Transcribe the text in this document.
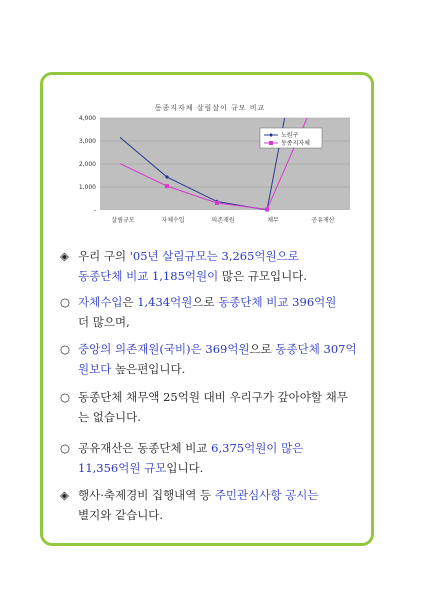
동종지자체 살림살이 규모 비교
-
1,000
2,000
3,000
4,000
살림규모	자체수입	의존재원	채무	공유재산
노원구
동종지자체
◈ 우리 구의 '05년 살림규모는 3,265억원으로
동종단체 비교 1,185억원이 많은 규모입니다.
○ 자체수입은 1,434억원으로 동종단체 비교 396억원
더 많으며,
○ 중앙의 의존재원(국비)은 369억원으로 동종단체 307억
원보다 높은편입니다.
○ 동종단체 채무액 25억원 대비 우리구가 갚아야할 채무
는 없습니다.
○ 공유재산은 동종단체 비교 6,375억원이 많은
11,356억원 규모입니다.
◈ 행사·축제경비 집행내역 등 주민관심사항 공시는
별지와 같습니다.
